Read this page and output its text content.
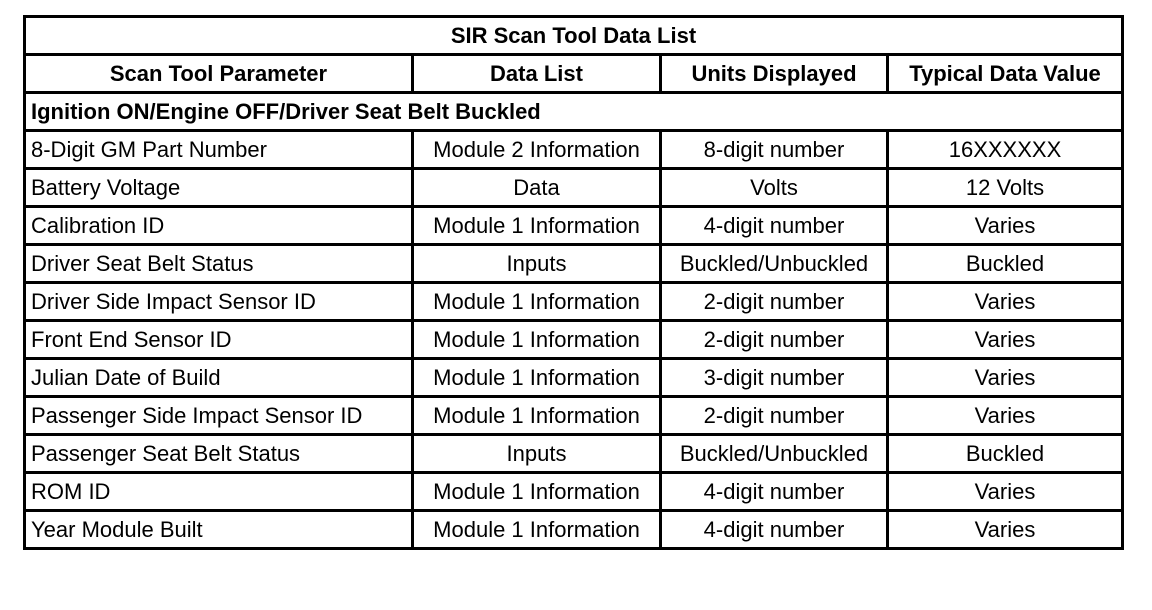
SIR Scan Tool Data List			
Scan Tool Parameter	Data List	Units Displayed	Typical Data Value
Ignition ON/Engine OFF/Driver Seat Belt Buckled			
8-Digit GM Part Number	Module 2 Information	8-digit number	16XXXXXX
Battery Voltage	Data	Volts	12 Volts
Calibration ID	Module 1 Information	4-digit number	Varies
Driver Seat Belt Status	Inputs	Buckled/Unbuckled	Buckled
Driver Side Impact Sensor ID	Module 1 Information	2-digit number	Varies
Front End Sensor ID	Module 1 Information	2-digit number	Varies
Julian Date of Build	Module 1 Information	3-digit number	Varies
Passenger Side Impact Sensor ID	Module 1 Information	2-digit number	Varies
Passenger Seat Belt Status	Inputs	Buckled/Unbuckled	Buckled
ROM ID	Module 1 Information	4-digit number	Varies
Year Module Built	Module 1 Information	4-digit number	Varies
